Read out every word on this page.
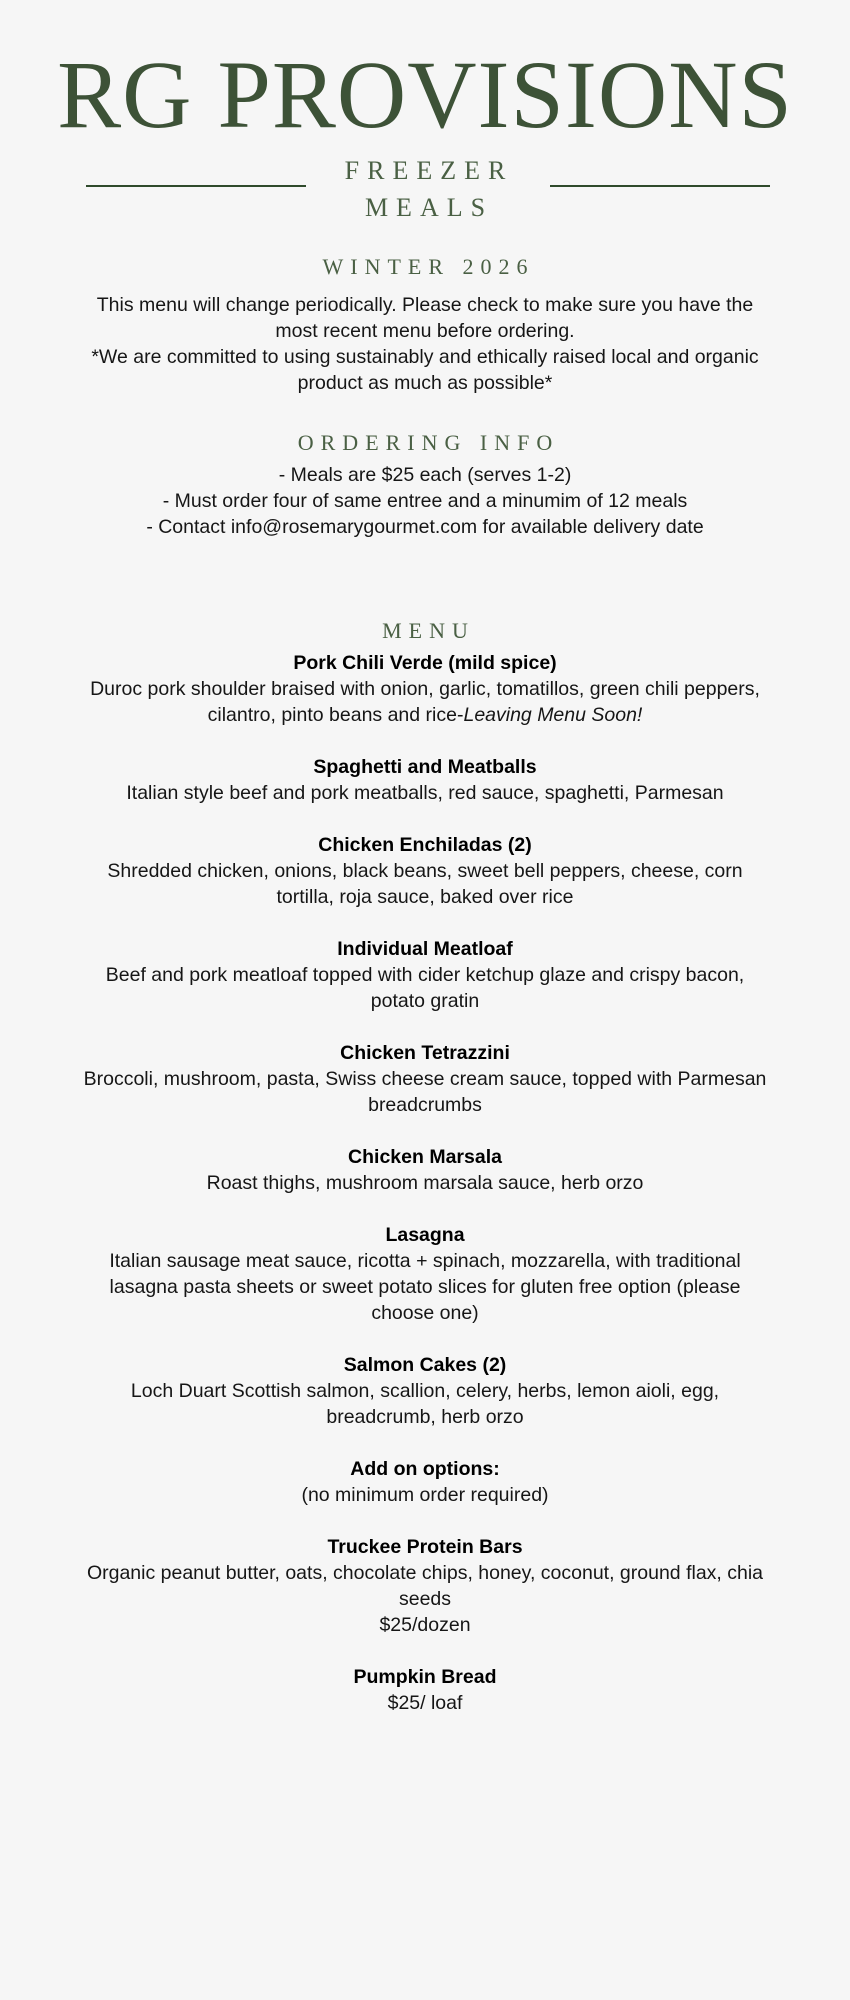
RG PROVISIONS
FREEZER
MEALS
WINTER 2026

This menu will change periodically. Please check to make sure you have the most recent menu before ordering.

*We are committed to using sustainably and ethically raised local and organic product as much as possible*

ORDERING INFO

- Meals are $25 each (serves 1-2)

- Must order four of same entree and a minumim of 12 meals

- Contact info@rosemarygourmet.com for available delivery date

MENU
Pork Chili Verde (mild spice)
Duroc pork shoulder braised with onion, garlic, tomatillos, green chili peppers, cilantro, pinto beans and rice-Leaving Menu Soon!
Spaghetti and Meatballs
Italian style beef and pork meatballs, red sauce, spaghetti, Parmesan
Chicken Enchiladas (2)
Shredded chicken, onions, black beans, sweet bell peppers, cheese, corn tortilla, roja sauce, baked over rice
Individual Meatloaf
Beef and pork meatloaf topped with cider ketchup glaze and crispy bacon, potato gratin
Chicken Tetrazzini
Broccoli, mushroom, pasta, Swiss cheese cream sauce, topped with Parmesan breadcrumbs
Chicken Marsala
Roast thighs, mushroom marsala sauce, herb orzo
Lasagna
Italian sausage meat sauce, ricotta + spinach, mozzarella, with traditional lasagna pasta sheets or sweet potato slices for gluten free option (please choose one)
Salmon Cakes (2)
Loch Duart Scottish salmon, scallion, celery, herbs, lemon aioli, egg, breadcrumb, herb orzo
Add on options:
(no minimum order required)
Truckee Protein Bars
Organic peanut butter, oats, chocolate chips, honey, coconut, ground flax, chia seeds
$25/dozen
Pumpkin Bread
$25/ loaf
